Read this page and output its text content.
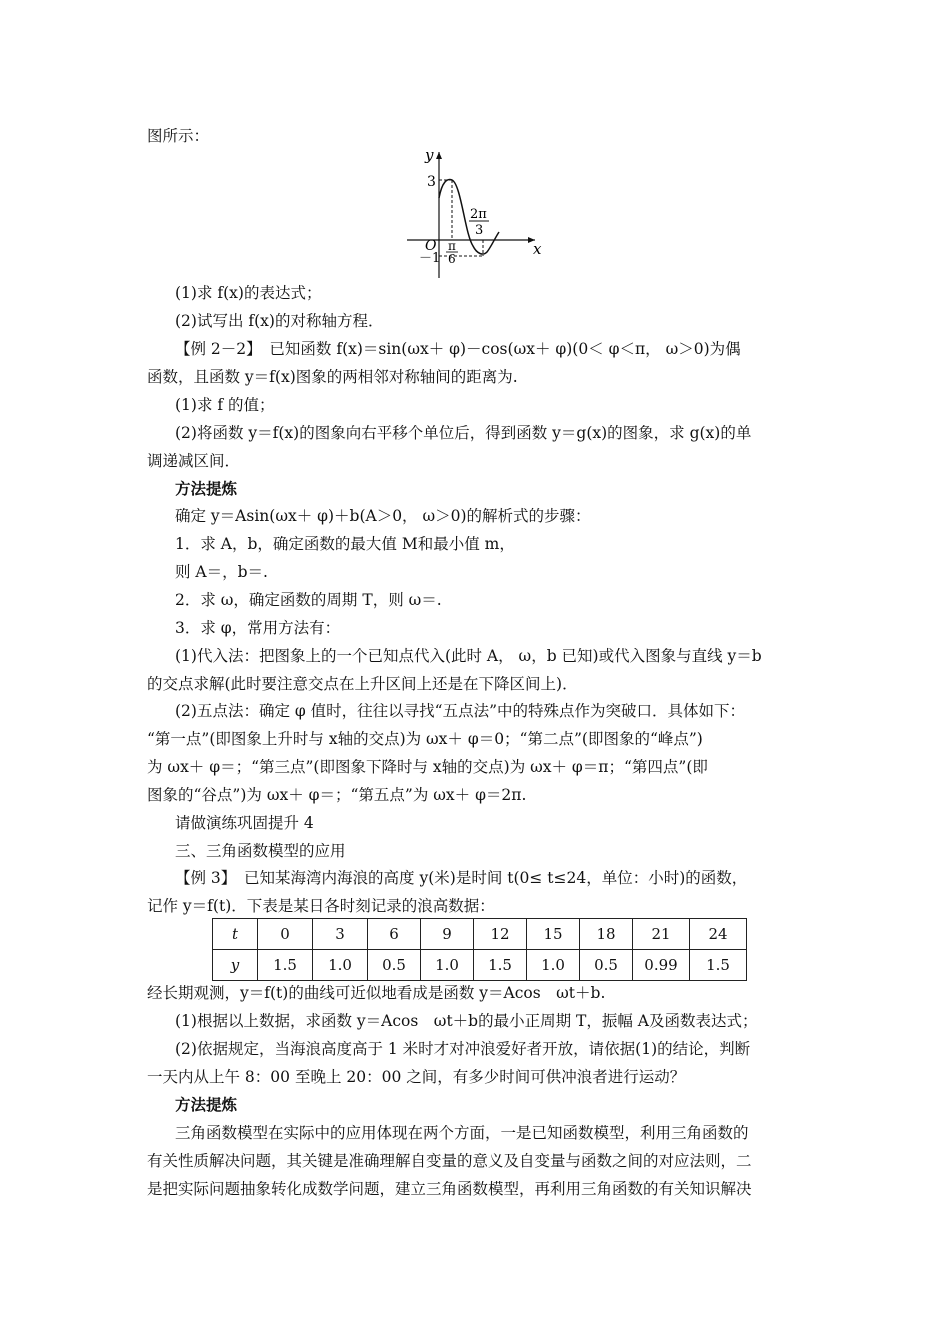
图所示：
y
x
3
O
－1
π
6
2π
3
(1)求 f(x)的表达式；
(2)试写出 f(x)的对称轴方程．
【例 2－2】　已知函数 f(x)＝sin(ωx＋ φ)－cos(ωx＋ φ)(0＜ φ＜π， ω＞0)为偶
函数，且函数 y＝f(x)图象的两相邻对称轴间的距离为.
(1)求 f 的值；
(2)将函数 y＝f(x)的图象向右平移个单位后，得到函数 y＝g(x)的图象，求 g(x)的单
调递减区间．
方法提炼
确定 y＝Asin(ωx＋ φ)＋b(A＞0， ω＞0)的解析式的步骤：
1．求 A，b，确定函数的最大值 M和最小值 m，
则 A＝，b＝.
2．求 ω，确定函数的周期 T，则 ω＝.
3．求 φ，常用方法有：
(1)代入法：把图象上的一个已知点代入(此时 A， ω，b 已知)或代入图象与直线 y＝b
的交点求解(此时要注意交点在上升区间上还是在下降区间上)．
(2)五点法：确定 φ 值时，往往以寻找“五点法”中的特殊点作为突破口．具体如下：
“第一点”(即图象上升时与 x轴的交点)为 ωx＋ φ＝0；“第二点”(即图象的“峰点”)
为 ωx＋ φ＝；“第三点”(即图象下降时与 x轴的交点)为 ωx＋ φ＝π；“第四点”(即
图象的“谷点”)为 ωx＋ φ＝；“第五点”为 ωx＋ φ＝2π.
请做演练巩固提升 4
三、三角函数模型的应用
【例 3】　已知某海湾内海浪的高度 y(米)是时间 t(0≤ t≤24，单位：小时)的函数，
记作 y＝f(t)．下表是某日各时刻记录的浪高数据：
t	0	3	6	9	12	15	18	21	24
y	1.5	1.0	0.5	1.0	1.5	1.0	0.5	0.99	1.5
经长期观测，y＝f(t)的曲线可近似地看成是函数 y＝Acos　ωt＋b.
(1)根据以上数据，求函数 y＝Acos　ωt＋b的最小正周期 T，振幅 A及函数表达式；
(2)依据规定，当海浪高度高于 1 米时才对冲浪爱好者开放，请依据(1)的结论，判断
一天内从上午 8：00 至晚上 20：00 之间，有多少时间可供冲浪者进行运动？
方法提炼
三角函数模型在实际中的应用体现在两个方面，一是已知函数模型，利用三角函数的
有关性质解决问题，其关键是准确理解自变量的意义及自变量与函数之间的对应法则，二
是把实际问题抽象转化成数学问题，建立三角函数模型，再利用三角函数的有关知识解决
